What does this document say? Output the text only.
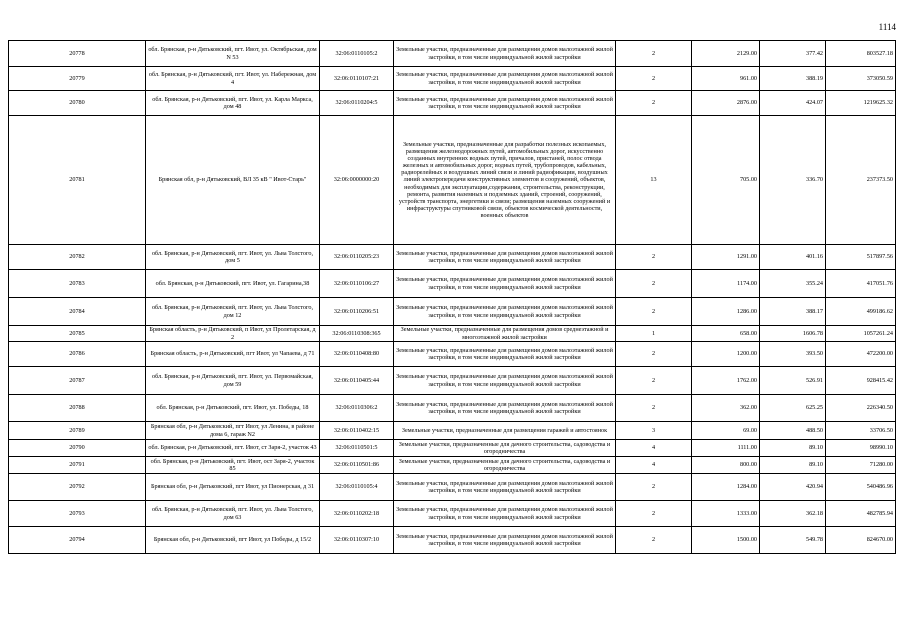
1114
20778	обл. Брянская, р-н Дятьковский, пгт. Ивот, ул. Октябрьская, дом N 53	32:06:0110105:2	Земельные участки, предназначенные для размещения домов малоэтажной жилой застройки, в том числе индивидуальной жилой застройки	2	2129.00	377.42	803527.18
20779	обл. Брянская, р-н Дятьковский, пгт. Ивот, ул. Набережная, дом 4	32:06:0110107:21	Земельные участки, предназначенные для размещения домов малоэтажной жилой застройки, в том числе индивидуальной жилой застройки	2	961.00	388.19	373050.59
20780	обл. Брянская, р-н Дятьковский, пгт. Ивот, ул. Карла Маркса, дом 48	32:06:0110204:5	Земельные участки, предназначенные для размещения домов малоэтажной жилой застройки, в том числе индивидуальной жилой застройки	2	2876.00	424.07	1219625.32
20781	Брянская обл, р-н Дятьковский, ВЛ 35 кВ " Ивот-Старь"	32:06:0000000:20	Земельные участки, предназначенные для разработки полезных ископаемых, размещения железнодорожных путей, автомобильных дорог, искусственно созданных внутренних водных путей, причалов, пристаней, полос отвода железных и автомобильных дорог, водных путей, трубопроводов, кабельных, радиорелейных и воздушных линий связи и линий радиофикации, воздушных линий электропередачи конструктивных элементов и сооружений, объектов, необходимых для эксплуатации,содержания, строительства, реконструкции, ремонта, развития наземных и подземных зданий, строений, сооружений, устройств транспорта, энергетики и связи; размещения наземных сооружений и инфраструктуры спутниковой связи, объектов космической деятельности, военных объектов	13	705.00	336.70	237373.50
20782	обл. Брянская, р-н Дятьковский, пгт. Ивот, ул. Льва Толстого, дом 5	32:06:0110205:23	Земельные участки, предназначенные для размещения домов малоэтажной жилой застройки, в том числе индивидуальной жилой застройки	2	1291.00	401.16	517897.56
20783	обл. Брянская, р-н Дятьковский, пгт. Ивот, ул. Гагарина,38	32:06:0110106:27	Земельные участки, предназначенные для размещения домов малоэтажной жилой застройки, в том числе индивидуальной жилой застройки	2	1174.00	355.24	417051.76
20784	обл. Брянская, р-н Дятьковский, пгт. Ивот, ул. Льва Толстого, дом 12	32:06:0110206:51	Земельные участки, предназначенные для размещения домов малоэтажной жилой застройки, в том числе индивидуальной жилой застройки	2	1286.00	388.17	499186.62
20785	Брянская область, р-н Дятьковский, п Ивот, ул Пролетарская, д 2	32:06:0110308:365	Земельные участки, предназначенные для размещения домов среднеэтажной и многоэтажной жилой застройки	1	658.00	1606.78	1057261.24
20786	Брянская область, р-н Дятьковский, пгт Ивот, ул Чапаева, д 71	32:06:0110408:80	Земельные участки, предназначенные для размещения домов малоэтажной жилой застройки, в том числе индивидуальной жилой застройки	2	1200.00	393.50	472200.00
20787	обл. Брянская, р-н Дятьковский, пгт. Ивот, ул. Первомайская, дом 59	32:06:0110405:44	Земельные участки, предназначенные для размещения домов малоэтажной жилой застройки, в том числе индивидуальной жилой застройки	2	1762.00	526.91	928415.42
20788	обл. Брянская, р-н Дятьковский, пгт. Ивот, ул. Победы, 18	32:06:0110306:2	Земельные участки, предназначенные для размещения домов малоэтажной жилой застройки, в том числе индивидуальной жилой застройки	2	362.00	625.25	226340.50
20789	Брянская обл, р-н Дятьковский, пгт Ивот, ул Ленина, в районе дома 6, гараж N2	32:06:0110402:15	Земельные участки, предназначенные для размещения гаражей и автостоянок	3	69.00	488.50	33706.50
20790	обл. Брянская, р-н Дятьковский, пгт. Ивот, ст Заря-2, участок 43	32:06:0110501:5	Земельные участки, предназначенные для дачного строительства, садоводства и огородничества	4	1111.00	89.10	98990.10
20791	обл. Брянская, р-н Дятьковский, пгт. Ивот, ост Заря-2, участок 85	32:06:0110501:86	Земельные участки, предназначенные для дачного строительства, садоводства и огородничества	4	800.00	89.10	71280.00
20792	Брянская обл, р-н Дятьковский, пгт Ивот, ул Пионерская, д 31	32:06:0110105:4	Земельные участки, предназначенные для размещения домов малоэтажной жилой застройки, в том числе индивидуальной жилой застройки	2	1284.00	420.94	540486.96
20793	обл. Брянская, р-н Дятьковский, пгт. Ивот, ул. Льва Толстого, дом 63	32:06:0110202:18	Земельные участки, предназначенные для размещения домов малоэтажной жилой застройки, в том числе индивидуальной жилой застройки	2	1333.00	362.18	482785.94
20794	Брянская обл, р-н Дятьковский, пгт Ивот, ул Победы, д 15/2	32:06:0110307:10	Земельные участки, предназначенные для размещения домов малоэтажной жилой застройки, в том числе индивидуальной жилой застройки	2	1500.00	549.78	824670.00
